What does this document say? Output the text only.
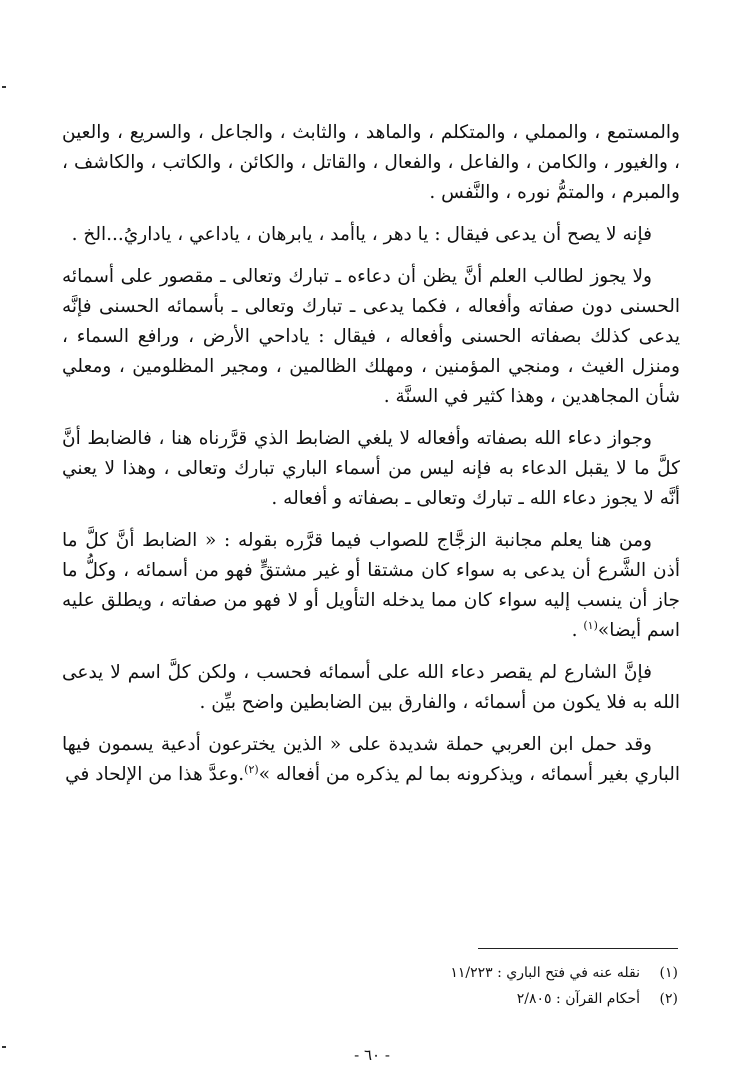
والمستمع ، والمملي ، والمتكلم ، والماهد ، والثابث ، والجاعل ، والسريع ، والعين ، والغيور ، والكامن ، والفاعل ، والفعال ، والقاتل ، والكائن ، والكاتب ، والكاشف ، والمبرم ، والمتمُّ نوره ، والنَّفس .

فإنه لا يصح أن يدعى فيقال : يا دهر ، ياأمد ، يابرهان ، ياداعي ، ياداريُ...الخ .

ولا يجوز لطالب العلم أنَّ يظن أن دعاءه ـ تبارك وتعالى ـ مقصور على أسمائه الحسنى دون صفاته وأفعاله ، فكما يدعى ـ تبارك وتعالى ـ بأسمائه الحسنى فإنَّه يدعى كذلك بصفاته الحسنى وأفعاله ، فيقال : ياداحي الأرض ، ورافع السماء ، ومنزل الغيث ، ومنجي المؤمنين ، ومهلك الظالمين ، ومجير المظلومين ، ومعلي شأن المجاهدين ، وهذا كثير في السنَّة .

وجواز دعاء الله بصفاته وأفعاله لا يلغي الضابط الذي قرَّرناه هنا ، فالضابط أنَّ كلَّ ما لا يقبل الدعاء به فإنه ليس من أسماء الباري تبارك وتعالى ، وهذا لا يعني أنَّه لا يجوز دعاء الله ـ تبارك وتعالى ـ بصفاته و أفعاله .

ومن هنا يعلم مجانبة الزجَّاج للصواب فيما قرَّره بقوله : « الضابط أنَّ كلَّ ما أذن الشَّرع أن يدعى به سواء كان مشتقا أو غير مشتقٍّ فهو من أسمائه ، وكلُّ ما جاز أن ينسب إليه سواء كان مما يدخله التأويل أو لا فهو من صفاته ، ويطلق عليه اسم أيضا»$^{(١)}$ .

فإنَّ الشارع لم يقصر دعاء الله على أسمائه فحسب ، ولكن كلَّ اسم لا يدعى الله به فلا يكون من أسمائه ، والفارق بين الضابطين واضح بيِّن .

وقد حمل ابن العربي حملة شديدة على « الذين يخترعون أدعية يسمون فيها الباري بغير أسمائه ، ويذكرونه بما لم يذكره من أفعاله »$^{(٢)}$.وعدَّ هذا من الإلحاد في

(١)
نقله عنه في فتح الباري : ١١/٢٢٣
(٢)
أحكام القرآن : ٢/٨٠٥
- ٦٠ -
